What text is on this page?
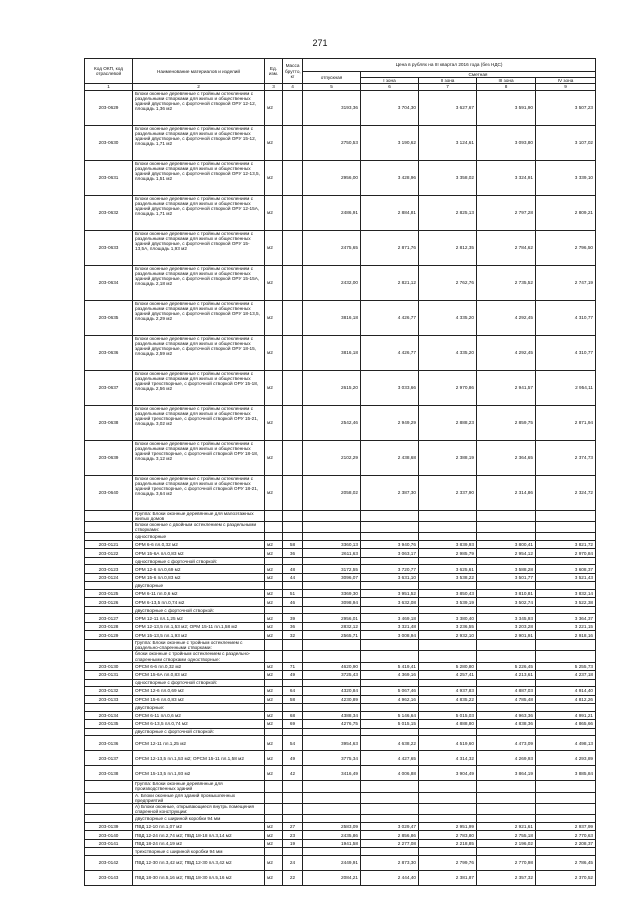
271
Код ОКП, код отраслевой	Наименование материалов и изделий	Ед. изм.	Масса брутто, кг	Цена в рублях на III квартал 2016 года (без НДС)				
				отпускная	Сметная			
					I зона	II зона	III зона	IV зона
1	2	3	4	5	6	7	8	9
203-0629	Блоки оконные деревянные с тройным остеклением с раздельными створками для жилых и общественных зданий двустворные, с форточной створкой ОРУ 12-12, площадь 1,36 м2	м2		3193,36	3 704,30	3 627,67	3 591,90	3 507,23
203-0630	Блоки оконные деревянные с тройным остеклением с раздельными створками для жилых и общественных зданий двустворные, с форточной створкой ОРУ 15-12, площадь 1,71 м2	м2		2750,53	3 190,62	3 124,61	3 093,80	3 107,02
203-0631	Блоки оконные деревянные с тройным остеклением с раздельными створками для жилых и общественных зданий двустворные, с форточной створкой ОРУ 12-13,5, площадь 1,51 м2	м2		2956,00	3 428,96	3 358,02	3 324,91	3 339,10
203-0632	Блоки оконные деревянные с тройным остеклением с раздельными створками для жилых и общественных зданий двустворные, с форточной створкой ОРУ 12-15А, площадь 1,71 м2	м2		2486,91	2 884,81	2 825,13	2 797,28	2 809,21
203-0633	Блоки оконные деревянные с тройным остеклением с раздельными створками для жилых и общественных зданий двустворные, с форточной створкой ОРУ 15-13,5А, площадь 1,93 м2	м2		2475,65	2 871,76	2 812,35	2 784,62	2 796,50
203-0634	Блоки оконные деревянные с тройным остеклением с раздельными створками для жилых и общественных зданий двустворные, с форточной створкой ОРУ 15-15А, площадь 2,18 м2	м2		2432,00	2 821,12	2 762,76	2 735,52	2 747,19
203-0635	Блоки оконные деревянные с тройным остеклением с раздельными створками для жилых и общественных зданий двустворные, с форточной створкой ОРУ 18-13,5, площадь 2,29 м2	м2		3816,18	4 426,77	4 335,20	4 292,45	4 310,77
203-0636	Блоки оконные деревянные с тройным остеклением с раздельными створками для жилых и общественных зданий двустворные, с форточной створкой ОРУ 18-15, площадь 2,59 м2	м2		3816,18	4 426,77	4 335,20	4 292,45	4 310,77
203-0637	Блоки оконные деревянные с тройным остеклением с раздельными створками для жилых и общественных зданий трехстворные, с форточной створкой ОРУ 15-18, площадь 2,56 м2	м2		2615,20	3 033,66	2 970,86	2 941,57	2 954,11
203-0638	Блоки оконные деревянные с тройным остеклением с раздельными створками для жилых и общественных зданий трехстворные, с форточной створкой ОРУ 15-21, площадь 3,02 м2	м2		2542,46	2 949,29	2 888,23	2 859,75	2 871,94
203-0639	Блоки оконные деревянные с тройным остеклением с раздельными створками для жилых и общественных зданий трехстворные, с форточной створкой ОРУ 18-18, площадь 3,12 м2	м2		2102,29	2 438,68	2 388,19	2 364,65	2 374,73
203-0640	Блоки оконные деревянные с тройным остеклением с раздельными створками для жилых и общественных зданий трехстворные, с форточной створкой ОРУ 18-21, площадь 3,64 м2	м2		2058,02	2 387,30	2 337,90	2 314,86	2 324,72
	Группа: Блоки оконные деревянные для малоэтажных жилых домов							
	Блоки оконные с двойным остеклением с раздельными створками:							
	одностворные							
203-0121	ОРМ 6-6 пл.0,32 м2	м2	58	3360,13	3 940,76	3 839,93	3 800,41	3 821,72
203-0122	ОРМ 15-6А пл.0,83 м2	м2	36	2611,63	3 063,17	2 985,79	2 954,12	2 970,84
	одностворные с форточной створкой:							
203-0123	ОРМ 12-6 пл.0,69 м2	м2	48	3172,55	3 720,77	3 625,61	3 588,28	3 608,37
203-0124	ОРМ 15-6 пл.0,83 м2	м2	44	3096,07	3 631,10	3 538,22	3 501,77	3 521,43
	двустворные							
203-0125	ОРМ 6-11 пл.0,6 м2	м2	51	3369,30	3 951,52	3 850,43	3 810,81	3 832,14
203-0126	ОРМ 6-13,5 пл.0,74 м2	м2	46	3098,94	3 632,08	3 539,19	3 502,74	3 522,38
	двустворные с форточной створкой:							
203-0127	ОРМ 12-11 пл.1,25 м2	м2	39	2956,01	3 469,18	3 380,40	3 345,93	3 364,37
203-0128	ОРМ 12-13,5 пл.1,53 м2; ОРМ 15-11 пл.1,58 м2	м2	36	2832,12	3 321,48	3 236,55	3 203,28	3 221,15
203-0129	ОРМ 15-13,5 пл.1,93 м2	м2	32	2565,71	3 008,94	2 932,10	2 901,91	2 918,16
	Группа: Блоки оконные с тройным остеклением с раздельно-спаренными створками:							
	блоки оконные с тройным остеклением с раздельно-спаренными створками одностворные:							
203-0130	ОРСМ 6-6 пл.0,32 м2	м2	71	4620,90	5 419,41	5 280,80	5 226,45	5 255,73
203-0131	ОРСМ 15-6А пл.0,83 м2	м2	49	3725,43	4 369,16	4 257,41	4 213,61	4 237,18
	одностворные с форточной створкой:							
203-0132	ОРСМ 12-6 пл.0,69 м2	м2	64	4320,84	5 067,46	4 937,83	4 887,03	4 914,40
203-0133	ОРСМ 15-6 пл.0,83 м2	м2	58	4230,89	4 962,16	4 835,22	4 785,48	4 812,26
	двустворные:							
203-0134	ОРСМ 6-11 пл.0,6 м2	м2	68	4388,34	5 146,64	5 015,03	4 963,36	4 991,21
203-0135	ОРСМ 6-13,5 пл.0,74 м2	м2	69	4276,75	5 015,15	4 888,80	4 838,36	4 865,66
	двустворные с форточной створкой:							
203-0136	ОРСМ 12-11 пл.1,25 м2	м2	54	3954,63	4 638,22	4 519,60	4 473,09	4 498,13
203-0137	ОРСМ 12-13,5 пл.1,53 м2; ОРСМ 15-11 пл.1,58 м2	м2	49	3775,34	4 427,65	4 314,32	4 269,93	4 293,89
203-0138	ОРСМ 15-13,5 пл.1,93 м2	м2	42	3416,49	4 006,88	3 904,49	3 864,19	3 885,84
	Группа: Блоки оконные деревянные для производственных зданий							
	А. Блоки оконные для зданий промышленных предприятий							
	А) Блоки оконные, открывающиеся внутрь помещения спаренной конструкции:							
	двустворные с шириной коробки 94 мм							
203-0139	ПВД 12-10 пл.1,07 м2	м2	27	2583,09	3 029,47	2 951,99	2 921,61	2 937,99
203-0140	ПВД 12-24 пл.2,74 м2; ПВД 18-18 пл.3,14 м2	м2	23	2435,86	2 856,86	2 783,80	2 755,18	2 770,63
203-0141	ПВД 18-24 пл.4,19 м2	м2	19	1941,58	2 277,08	2 218,85	2 196,02	2 208,37
	трехстворные с шириной коробки 94 мм							
203-0142	ПВД 12-30 пл.3,42 м2; ПВД 12-30 пл.3,42 м2	м2	24	2449,91	2 873,30	2 799,76	2 770,98	2 786,45
203-0143	ПВД 18-30 пл.5,16 м2; ПВД 18-30 пл.5,16 м2	м2	22	2084,21	2 444,40	2 381,87	2 357,32	2 370,52
